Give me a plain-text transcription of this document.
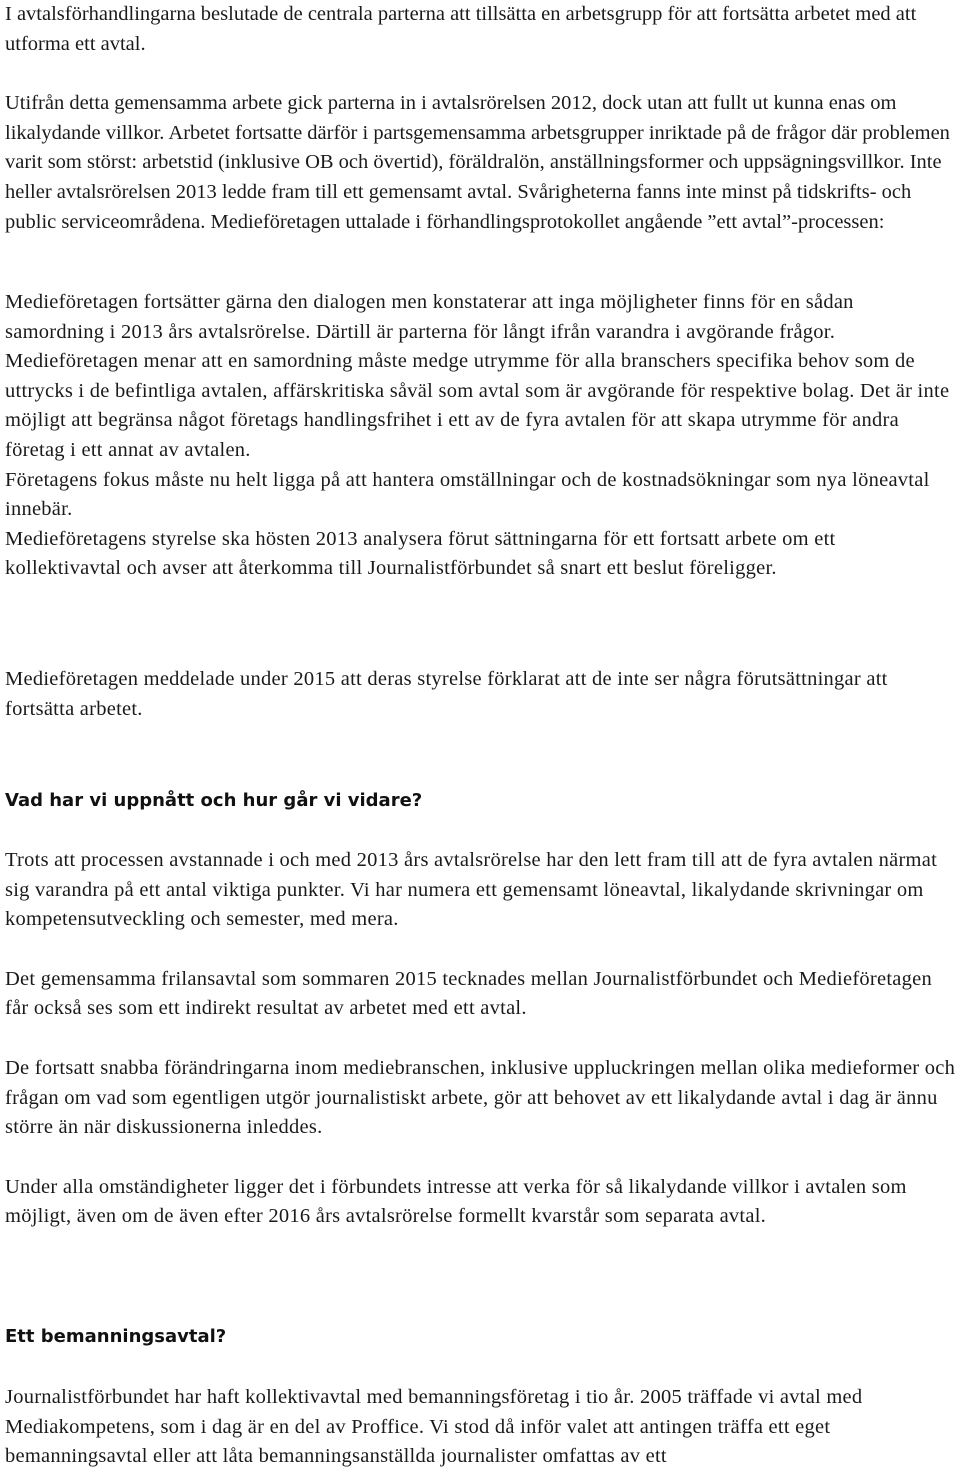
I avtalsförhandlingarna beslutade de centrala parterna att tillsätta en arbetsgrupp för att fortsätta arbetet med att utforma ett avtal.

Utifrån detta gemensamma arbete gick parterna in i avtalsrörelsen 2012, dock utan att fullt ut kunna enas om likalydande villkor. Arbetet fortsatte därför i partsgemensamma arbetsgrupper inriktade på de frågor där problemen varit som störst: arbetstid (inklusive OB och övertid), föräldralön, anställningsformer och uppsägningsvillkor. Inte heller avtalsrörelsen 2013 ledde fram till ett gemensamt avtal. Svårigheterna fanns inte minst på tidskrifts- och public serviceområdena. Medieföretagen uttalade i förhandlingsprotokollet angående ”ett avtal”-processen:

Medieföretagen fortsätter gärna den dialogen men konstaterar att inga möjligheter finns för en sådan samordning i 2013 års avtalsrörelse. Därtill är parterna för långt ifrån varandra i avgörande frågor.

Medieföretagen menar att en samordning måste medge utrymme för alla branschers specifika behov som de uttrycks i de befintliga avtalen, affärskritiska såväl som avtal som är avgörande för respektive bolag. Det är inte möjligt att begränsa något företags handlingsfrihet i ett av de fyra avtalen för att skapa utrymme för andra företag i ett annat av avtalen.

Företagens fokus måste nu helt ligga på att hantera omställningar och de kostnadsökningar som nya löneavtal innebär.

Medieföretagens styrelse ska hösten 2013 analysera förut sättningarna för ett fortsatt arbete om ett kollektivavtal och avser att återkomma till Journalistförbundet så snart ett beslut föreligger.

Medieföretagen meddelade under 2015 att deras styrelse förklarat att de inte ser några förutsättningar att fortsätta arbetet.

Vad har vi uppnått och hur går vi vidare?

Trots att processen avstannade i och med 2013 års avtalsrörelse har den lett fram till att de fyra avtalen närmat sig varandra på ett antal viktiga punkter. Vi har numera ett gemensamt löneavtal, likalydande skrivningar om kompetensutveckling och semester, med mera.

Det gemensamma frilansavtal som sommaren 2015 tecknades mellan Journalistförbundet och Medieföretagen får också ses som ett indirekt resultat av arbetet med ett avtal.

De fortsatt snabba förändringarna inom mediebranschen, inklusive uppluckringen mellan olika medieformer och frågan om vad som egentligen utgör journalistiskt arbete, gör att behovet av ett likalydande avtal i dag är ännu större än när diskussionerna inleddes.

Under alla omständigheter ligger det i förbundets intresse att verka för så likalydande villkor i avtalen som möjligt, även om de även efter 2016 års avtalsrörelse formellt kvarstår som separata avtal.

Ett bemanningsavtal?

Journalistförbundet har haft kollektivavtal med bemanningsföretag i tio år. 2005 träffade vi avtal med Mediakompetens, som i dag är en del av Proffice. Vi stod då inför valet att antingen träffa ett eget bemanningsavtal eller att låta bemanningsanställda journalister omfattas av ett
